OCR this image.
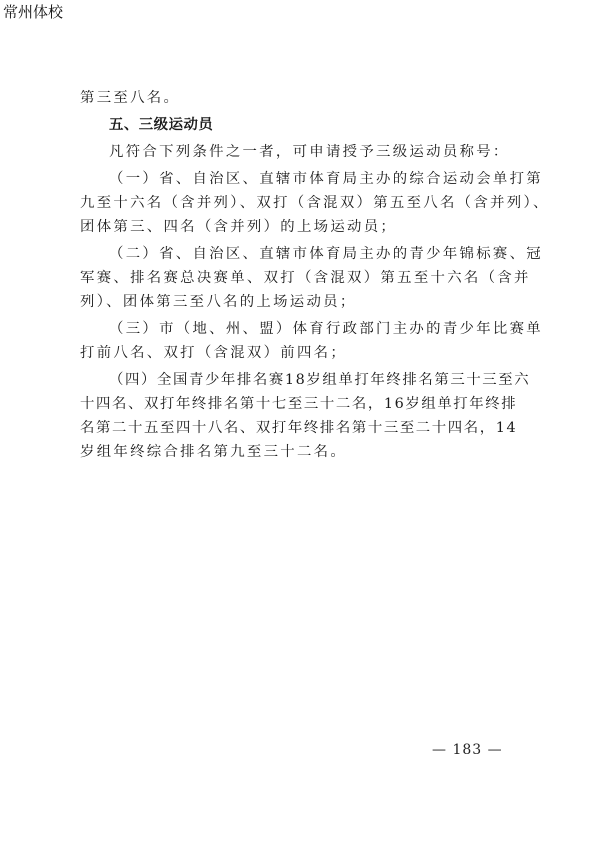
常州体校

第三至八名。

五、三级运动员

凡符合下列条件之一者，可申请授予三级运动员称号：

（一）省、自治区、直辖市体育局主办的综合运动会单打第

九至十六名（含并列）、双打（含混双）第五至八名（含并列）、

团体第三、四名（含并列）的上场运动员；

（二）省、自治区、直辖市体育局主办的青少年锦标赛、冠

军赛、排名赛总决赛单、双打（含混双）第五至十六名（含并

列）、团体第三至八名的上场运动员；

（三）市（地、州、盟）体育行政部门主办的青少年比赛单

打前八名、双打（含混双）前四名；

（四）全国青少年排名赛18岁组单打年终排名第三十三至六

十四名、双打年终排名第十七至三十二名，16岁组单打年终排

名第二十五至四十八名、双打年终排名第十三至二十四名，14

岁组年终综合排名第九至三十二名。

— 183 —
